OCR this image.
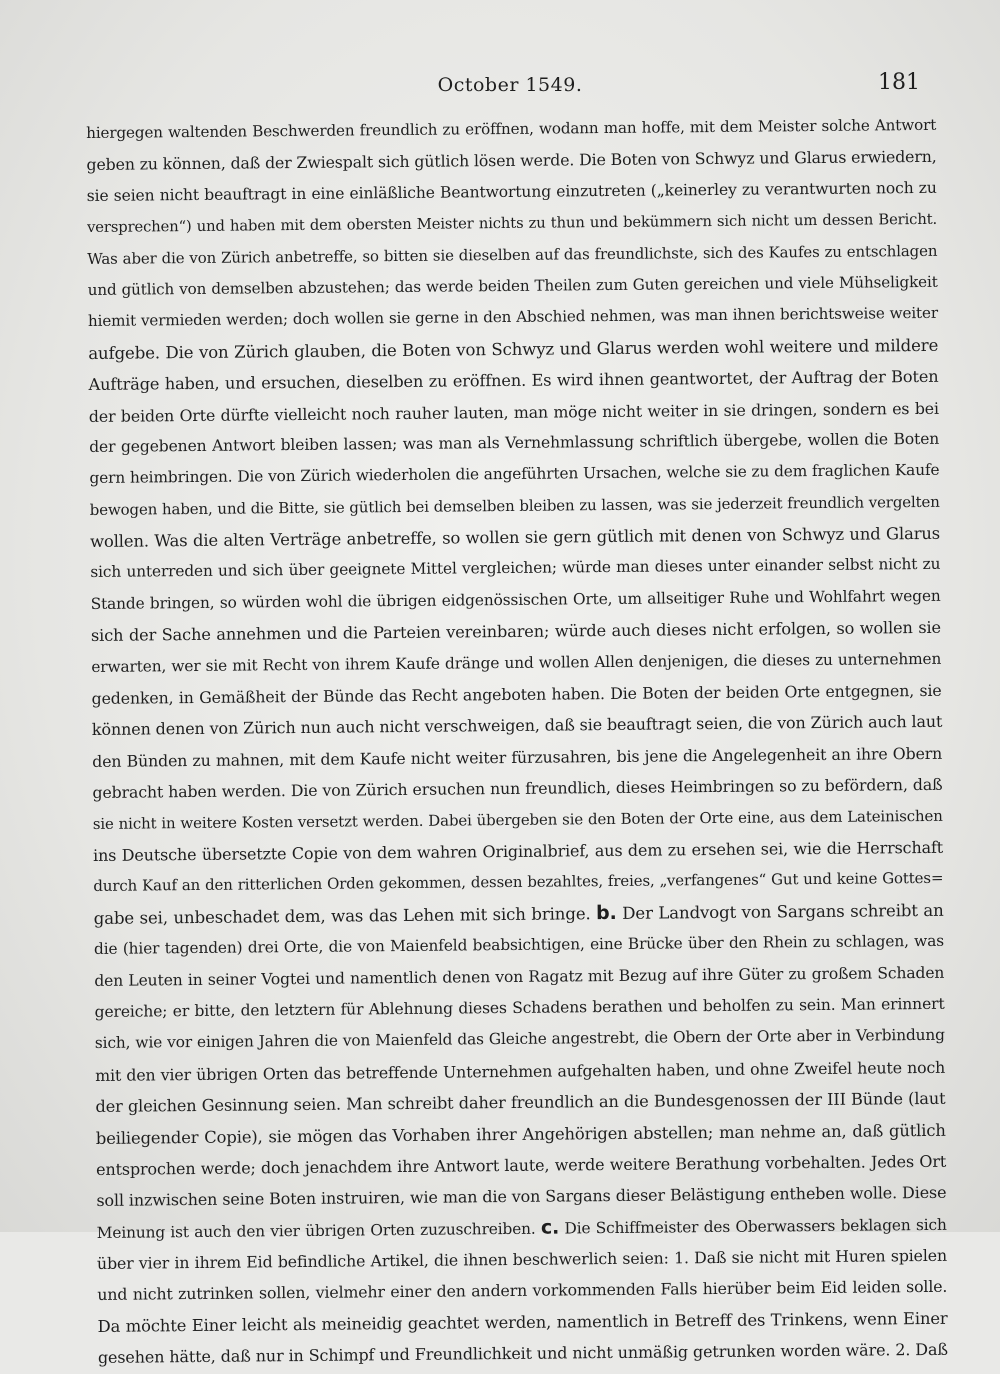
October 1549.	181
hiergegen waltenden Beschwerden freundlich zu eröffnen, wodann man hoffe, mit dem Meister solche Antwort
geben zu können, daß der Zwiespalt sich gütlich lösen werde. Die Boten von Schwyz und Glarus erwiedern,
sie seien nicht beauftragt in eine einläßliche Beantwortung einzutreten („keinerley zu verantwurten noch zu
versprechen“) und haben mit dem obersten Meister nichts zu thun und bekümmern sich nicht um dessen Bericht.
Was aber die von Zürich anbetreffe, so bitten sie dieselben auf das freundlichste, sich des Kaufes zu entschlagen
und gütlich von demselben abzustehen; das werde beiden Theilen zum Guten gereichen und viele Mühseligkeit
hiemit vermieden werden; doch wollen sie gerne in den Abschied nehmen, was man ihnen berichtsweise weiter
aufgebe. Die von Zürich glauben, die Boten von Schwyz und Glarus werden wohl weitere und mildere
Aufträge haben, und ersuchen, dieselben zu eröffnen. Es wird ihnen geantwortet, der Auftrag der Boten
der beiden Orte dürfte vielleicht noch rauher lauten, man möge nicht weiter in sie dringen, sondern es bei
der gegebenen Antwort bleiben lassen; was man als Vernehmlassung schriftlich übergebe, wollen die Boten
gern heimbringen. Die von Zürich wiederholen die angeführten Ursachen, welche sie zu dem fraglichen Kaufe
bewogen haben, und die Bitte, sie gütlich bei demselben bleiben zu lassen, was sie jederzeit freundlich vergelten
wollen. Was die alten Verträge anbetreffe, so wollen sie gern gütlich mit denen von Schwyz und Glarus
sich unterreden und sich über geeignete Mittel vergleichen; würde man dieses unter einander selbst nicht zu
Stande bringen, so würden wohl die übrigen eidgenössischen Orte, um allseitiger Ruhe und Wohlfahrt wegen
sich der Sache annehmen und die Parteien vereinbaren; würde auch dieses nicht erfolgen, so wollen sie
erwarten, wer sie mit Recht von ihrem Kaufe dränge und wollen Allen denjenigen, die dieses zu unternehmen
gedenken, in Gemäßheit der Bünde das Recht angeboten haben. Die Boten der beiden Orte entgegnen, sie
können denen von Zürich nun auch nicht verschweigen, daß sie beauftragt seien, die von Zürich auch laut
den Bünden zu mahnen, mit dem Kaufe nicht weiter fürzusahren, bis jene die Angelegenheit an ihre Obern
gebracht haben werden. Die von Zürich ersuchen nun freundlich, dieses Heimbringen so zu befördern, daß
sie nicht in weitere Kosten versetzt werden. Dabei übergeben sie den Boten der Orte eine, aus dem Lateinischen
ins Deutsche übersetzte Copie von dem wahren Originalbrief, aus dem zu ersehen sei, wie die Herrschaft
durch Kauf an den ritterlichen Orden gekommen, dessen bezahltes, freies, „verfangenes“ Gut und keine Gottes=
gabe sei, unbeschadet dem, was das Lehen mit sich bringe. b. Der Landvogt von Sargans schreibt an
die (hier tagenden) drei Orte, die von Maienfeld beabsichtigen, eine Brücke über den Rhein zu schlagen, was
den Leuten in seiner Vogtei und namentlich denen von Ragatz mit Bezug auf ihre Güter zu großem Schaden
gereiche; er bitte, den letztern für Ablehnung dieses Schadens berathen und beholfen zu sein. Man erinnert
sich, wie vor einigen Jahren die von Maienfeld das Gleiche angestrebt, die Obern der Orte aber in Verbindung
mit den vier übrigen Orten das betreffende Unternehmen aufgehalten haben, und ohne Zweifel heute noch
der gleichen Gesinnung seien. Man schreibt daher freundlich an die Bundesgenossen der III Bünde (laut
beiliegender Copie), sie mögen das Vorhaben ihrer Angehörigen abstellen; man nehme an, daß gütlich
entsprochen werde; doch jenachdem ihre Antwort laute, werde weitere Berathung vorbehalten. Jedes Ort
soll inzwischen seine Boten instruiren, wie man die von Sargans dieser Belästigung entheben wolle. Diese
Meinung ist auch den vier übrigen Orten zuzuschreiben. c. Die Schiffmeister des Oberwassers beklagen sich
über vier in ihrem Eid befindliche Artikel, die ihnen beschwerlich seien: 1. Daß sie nicht mit Huren spielen
und nicht zutrinken sollen, vielmehr einer den andern vorkommenden Falls hierüber beim Eid leiden solle.
Da möchte Einer leicht als meineidig geachtet werden, namentlich in Betreff des Trinkens, wenn Einer
gesehen hätte, daß nur in Schimpf und Freundlichkeit und nicht unmäßig getrunken worden wäre. 2. Daß
